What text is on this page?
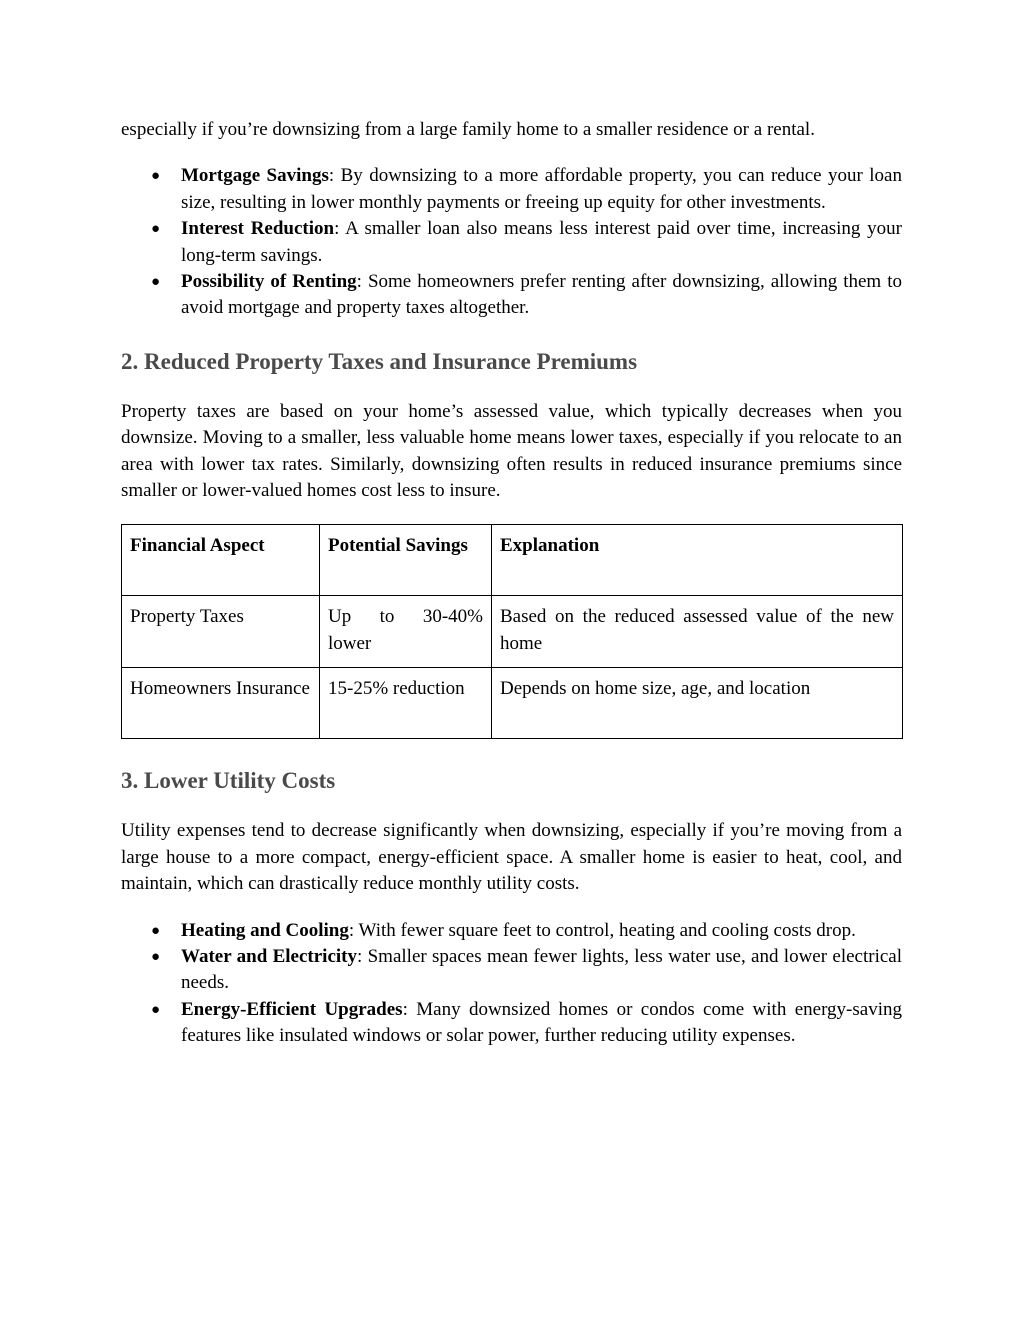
especially if you’re downsizing from a large family home to a smaller residence or a rental.

● Mortgage Savings: By downsizing to a more affordable property, you can reduce your loan size, resulting in lower monthly payments or freeing up equity for other investments.
● Interest Reduction: A smaller loan also means less interest paid over time, increasing your long-term savings.
● Possibility of Renting: Some homeowners prefer renting after downsizing, allowing them to avoid mortgage and property taxes altogether.
2. Reduced Property Taxes and Insurance Premiums

Property taxes are based on your home’s assessed value, which typically decreases when you downsize. Moving to a smaller, less valuable home means lower taxes, especially if you relocate to an area with lower tax rates. Similarly, downsizing often results in reduced insurance premiums since smaller or lower-valued homes cost less to insure.

Financial Aspect	Potential Savings	Explanation
Property Taxes	Up to 30-40% lower	Based on the reduced assessed value of the new home
Homeowners Insurance	15-25% reduction	Depends on home size, age, and location
3. Lower Utility Costs

Utility expenses tend to decrease significantly when downsizing, especially if you’re moving from a large house to a more compact, energy-efficient space. A smaller home is easier to heat, cool, and maintain, which can drastically reduce monthly utility costs.

● Heating and Cooling: With fewer square feet to control, heating and cooling costs drop.
● Water and Electricity: Smaller spaces mean fewer lights, less water use, and lower electrical needs.
● Energy-Efficient Upgrades: Many downsized homes or condos come with energy-saving features like insulated windows or solar power, further reducing utility expenses.
